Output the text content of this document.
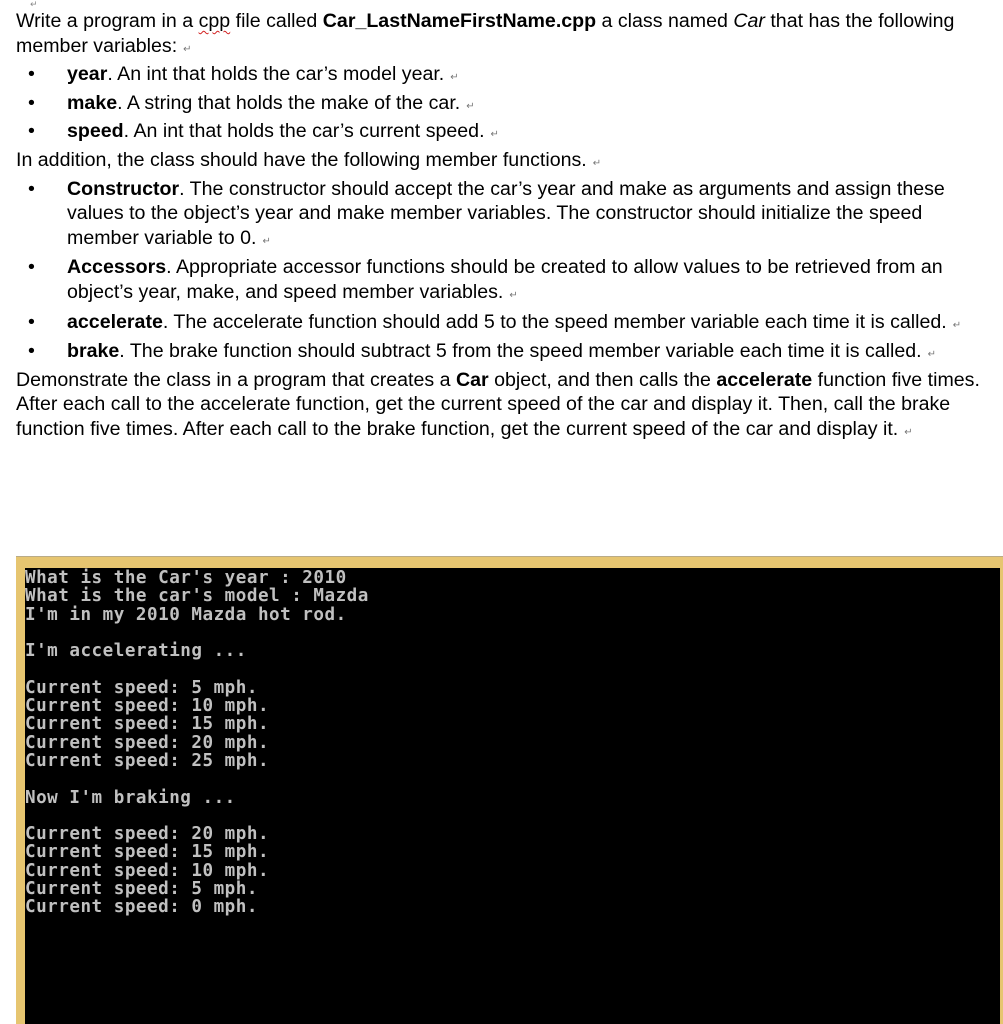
↵

Write a program in a cpp file called Car_LastNameFirstName.cpp a class named Car that has the following member variables: ↵

• year. An int that holds the car’s model year. ↵
• make. A string that holds the make of the car. ↵
• speed. An int that holds the car’s current speed. ↵

In addition, the class should have the following member functions. ↵

• Constructor. The constructor should accept the car’s year and make as arguments and assign these values to the object’s year and make member variables. The constructor should initialize the speed member variable to 0. ↵
• Accessors. Appropriate accessor functions should be created to allow values to be retrieved from an object’s year, make, and speed member variables. ↵
• accelerate. The accelerate function should add 5 to the speed member variable each time it is called. ↵
• brake. The brake function should subtract 5 from the speed member variable each time it is called. ↵

Demonstrate the class in a program that creates a Car object, and then calls the accelerate function five times. After each call to the accelerate function, get the current speed of the car and display it. Then, call the brake function five times. After each call to the brake function, get the current speed of the car and display it. ↵

What is the Car's year : 2010
What is the car's model : Mazda
I'm in my 2010 Mazda hot rod.
I'm accelerating ...
Current speed: 5 mph.
Current speed: 10 mph.
Current speed: 15 mph.
Current speed: 20 mph.
Current speed: 25 mph.
Now I'm braking ...
Current speed: 20 mph.
Current speed: 15 mph.
Current speed: 10 mph.
Current speed: 5 mph.
Current speed: 0 mph.
